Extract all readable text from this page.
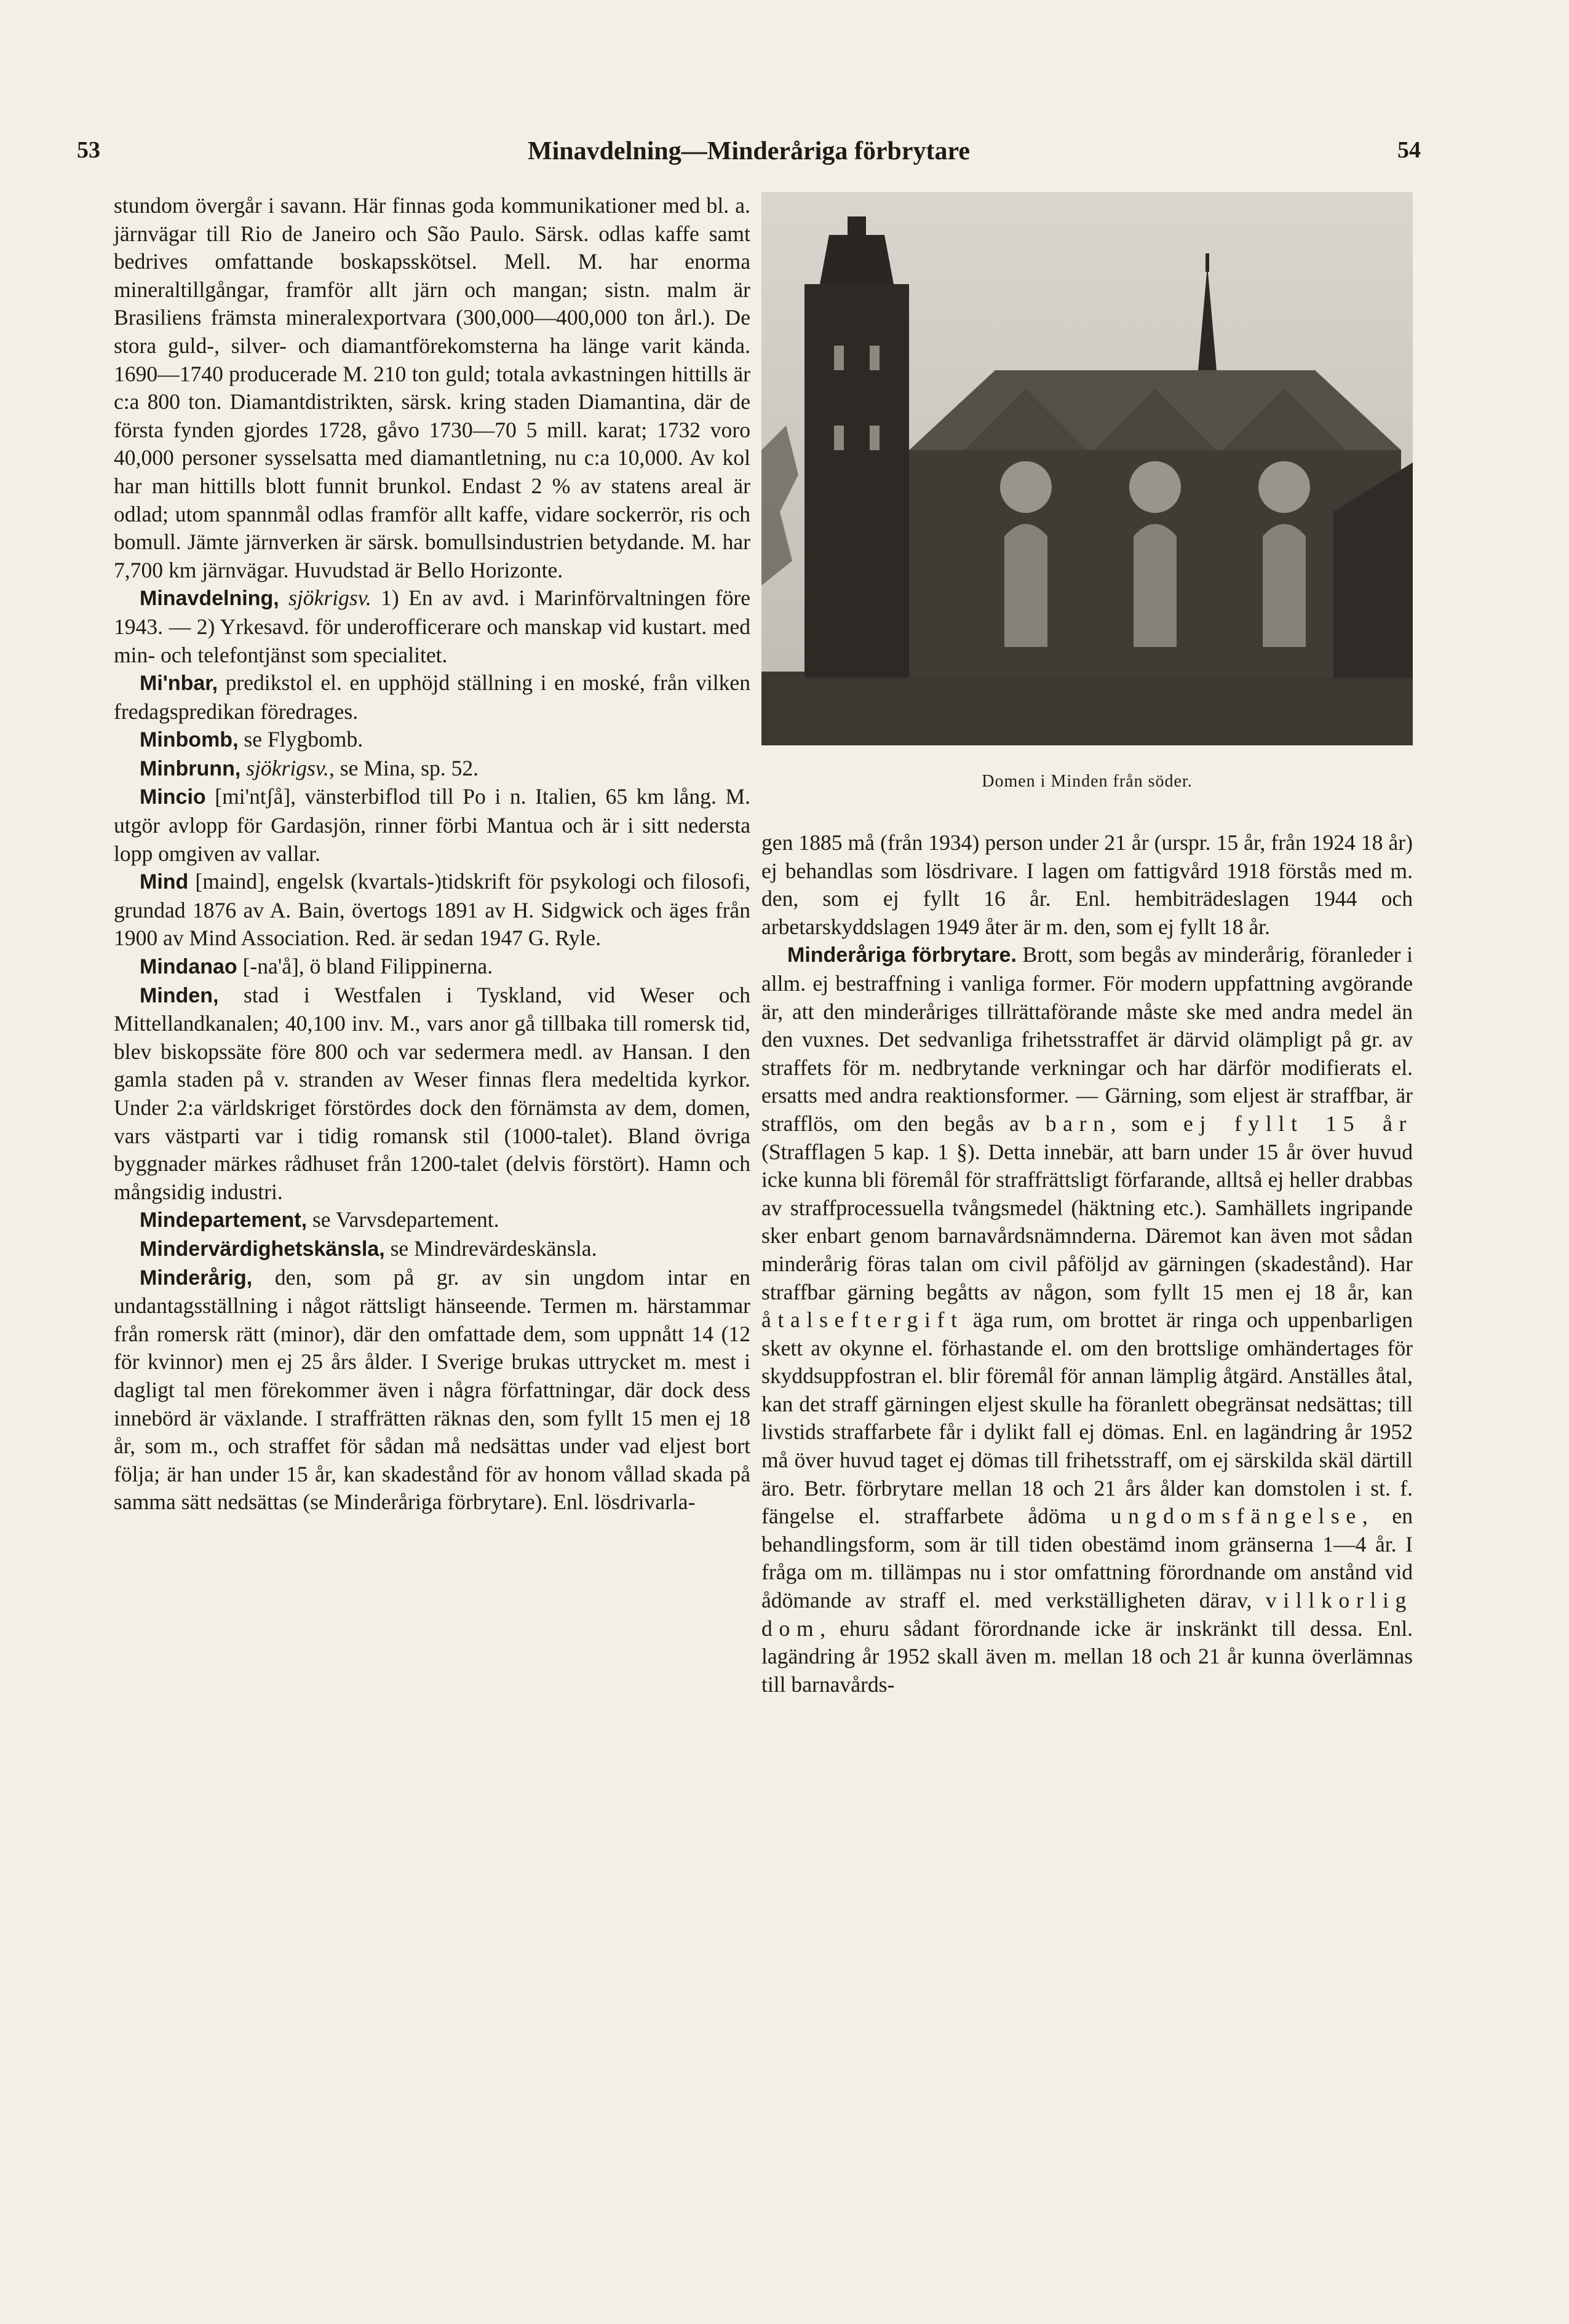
53	Minavdelning—Minderåriga förbrytare	54

stundom övergår i savann. Här finnas goda kommunikationer med bl. a. järnvägar till Rio de Janeiro och São Paulo. Särsk. odlas kaffe samt bedrives omfattande boskapsskötsel. Mell. M. har enorma mineraltillgångar, framför allt järn och mangan; sistn. malm är Brasiliens främsta mineralexportvara (300,000—400,000 ton årl.). De stora guld-, silver- och diamantförekomsterna ha länge varit kända. 1690—1740 producerade M. 210 ton guld; totala avkastningen hittills är c:a 800 ton. Diamantdistrikten, särsk. kring staden Diamantina, där de första fynden gjordes 1728, gåvo 1730—70 5 mill. karat; 1732 voro 40,000 personer sysselsatta med diamantletning, nu c:a 10,000. Av kol har man hittills blott funnit brunkol. Endast 2 % av statens areal är odlad; utom spannmål odlas framför allt kaffe, vidare sockerrör, ris och bomull. Jämte järnverken är särsk. bomullsindustrien betydande. M. har 7,700 km järnvägar. Huvudstad är Bello Horizonte.

Minavdelning, sjökrigsv. 1) En av avd. i Marinförvaltningen före 1943. — 2) Yrkesavd. för underofficerare och manskap vid kustart. med min- och telefontjänst som specialitet.

Mi'nbar, predikstol el. en upphöjd ställning i en moské, från vilken fredagspredikan föredrages.

Minbomb, se Flygbomb.

Minbrunn, sjökrigsv., se Mina, sp. 52.

Mincio [mi'ntʃå], vänsterbiflod till Po i n. Italien, 65 km lång. M. utgör avlopp för Gardasjön, rinner förbi Mantua och är i sitt nedersta lopp omgiven av vallar.

Mind [maind], engelsk (kvartals-)tidskrift för psykologi och filosofi, grundad 1876 av A. Bain, övertogs 1891 av H. Sidgwick och äges från 1900 av Mind Association. Red. är sedan 1947 G. Ryle.

Mindanao [-na'å], ö bland Filippinerna.

Minden, stad i Westfalen i Tyskland, vid Weser och Mittellandkanalen; 40,100 inv. M., vars anor gå tillbaka till romersk tid, blev biskopssäte före 800 och var sedermera medl. av Hansan. I den gamla staden på v. stranden av Weser finnas flera medeltida kyrkor. Under 2:a världskriget förstördes dock den förnämsta av dem, domen, vars västparti var i tidig romansk stil (1000-talet). Bland övriga byggnader märkes rådhuset från 1200-talet (delvis förstört). Hamn och mångsidig industri.

Mindepartement, se Varvsdepartement.

Mindervärdighetskänsla, se Mindrevärdeskänsla.

Minderårig, den, som på gr. av sin ungdom intar en undantagsställning i något rättsligt hänseende. Termen m. härstammar från romersk rätt (minor), där den omfattade dem, som uppnått 14 (12 för kvinnor) men ej 25 års ålder. I Sverige brukas uttrycket m. mest i dagligt tal men förekommer även i några författningar, där dock dess innebörd är växlande. I straffrätten räknas den, som fyllt 15 men ej 18 år, som m., och straffet för sådan må nedsättas under vad eljest bort följa; är han under 15 år, kan skadestånd för av honom vållad skada på samma sätt nedsättas (se Minderåriga förbrytare). Enl. lösdrivarla-

Domen i Minden från söder.

gen 1885 må (från 1934) person under 21 år (urspr. 15 år, från 1924 18 år) ej behandlas som lösdrivare. I lagen om fattigvård 1918 förstås med m. den, som ej fyllt 16 år. Enl. hembiträdeslagen 1944 och arbetarskyddslagen 1949 åter är m. den, som ej fyllt 18 år.

Minderåriga förbrytare. Brott, som begås av minderårig, föranleder i allm. ej bestraffning i vanliga former. För modern uppfattning avgörande är, att den minderåriges tillrättaförande måste ske med andra medel än den vuxnes. Det sedvanliga frihetsstraffet är därvid olämpligt på gr. av straffets för m. nedbrytande verkningar och har därför modifierats el. ersatts med andra reaktionsformer. — Gärning, som eljest är straffbar, är strafflös, om den begås av barn, som ej fyllt 15 år (Strafflagen 5 kap. 1 §). Detta innebär, att barn under 15 år över huvud icke kunna bli föremål för straffrättsligt förfarande, alltså ej heller drabbas av straffprocessuella tvångsmedel (häktning etc.). Samhällets ingripande sker enbart genom barnavårdsnämnderna. Däremot kan även mot sådan minderårig föras talan om civil påföljd av gärningen (skadestånd). Har straffbar gärning begåtts av någon, som fyllt 15 men ej 18 år, kan åtalseftergift äga rum, om brottet är ringa och uppenbarligen skett av okynne el. förhastande el. om den brottslige omhändertages för skyddsuppfostran el. blir föremål för annan lämplig åtgärd. Anställes åtal, kan det straff gärningen eljest skulle ha föranlett obegränsat nedsättas; till livstids straffarbete får i dylikt fall ej dömas. Enl. en lagändring år 1952 må över huvud taget ej dömas till frihetsstraff, om ej särskilda skäl därtill äro. Betr. förbrytare mellan 18 och 21 års ålder kan domstolen i st. f. fängelse el. straffarbete ådöma ungdomsfängelse, en behandlingsform, som är till tiden obestämd inom gränserna 1—4 år. I fråga om m. tillämpas nu i stor omfattning förordnande om anstånd vid ådömande av straff el. med verkställigheten därav, villkorlig dom, ehuru sådant förordnande icke är inskränkt till dessa. Enl. lagändring år 1952 skall även m. mellan 18 och 21 år kunna överlämnas till barnavårds-
